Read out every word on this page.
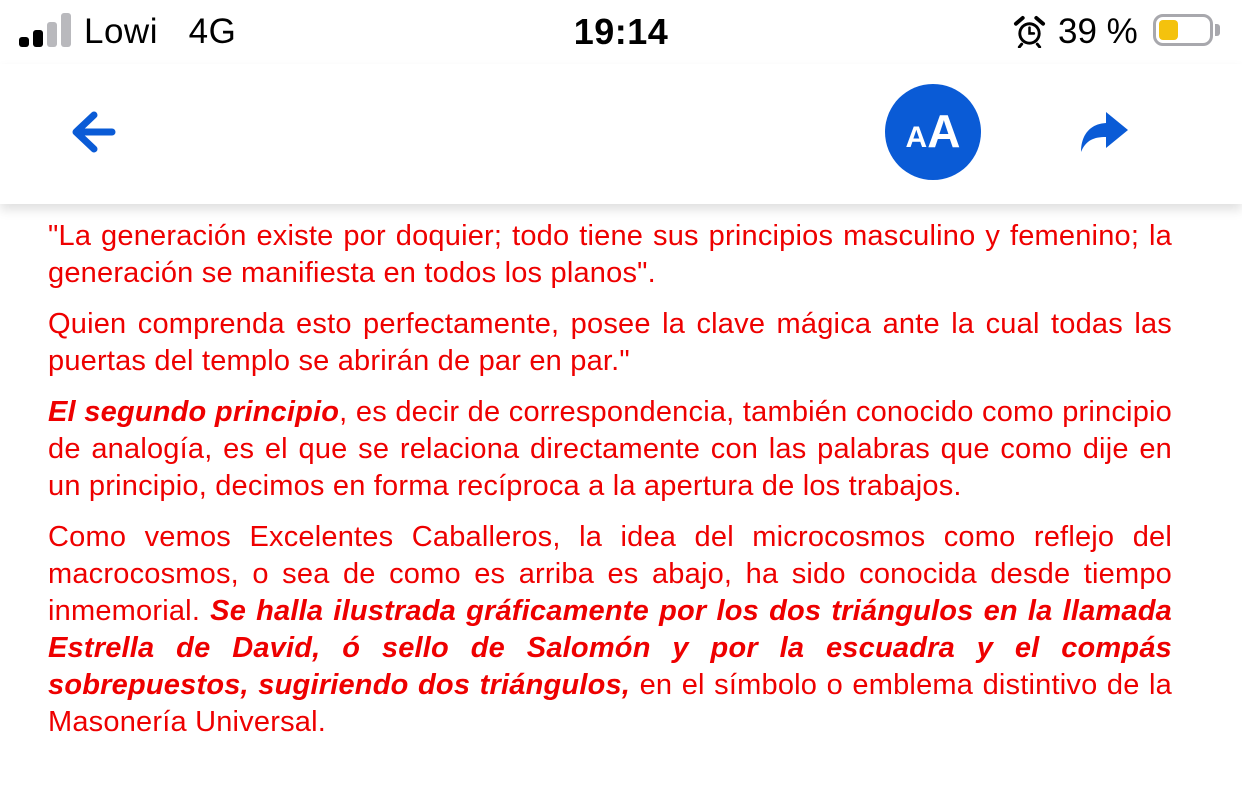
Lowi   4G	19:14	39 %
AA

"La generación existe por doquier; todo tiene sus principios masculino y femenino; la generación se manifiesta en todos los planos".

Quien comprenda esto perfectamente, posee la clave mágica ante la cual todas las puertas del templo se abrirán de par en par."

El segundo principio, es decir de correspondencia, también conocido como principio de analogía, es el que se relaciona directamente con las palabras que como dije en un principio, decimos en forma recíproca a la apertura de los trabajos.

Como vemos Excelentes Caballeros, la idea del microcosmos como reflejo del macrocosmos, o sea de como es arriba es abajo, ha sido conocida desde tiempo inmemorial. Se halla ilustrada gráficamente por los dos triángulos en la llamada Estrella de David, ó sello de Salomón y por la escuadra y el compás sobrepuestos, sugiriendo dos triángulos, en el símbolo o emblema distintivo de la Masonería Universal.
